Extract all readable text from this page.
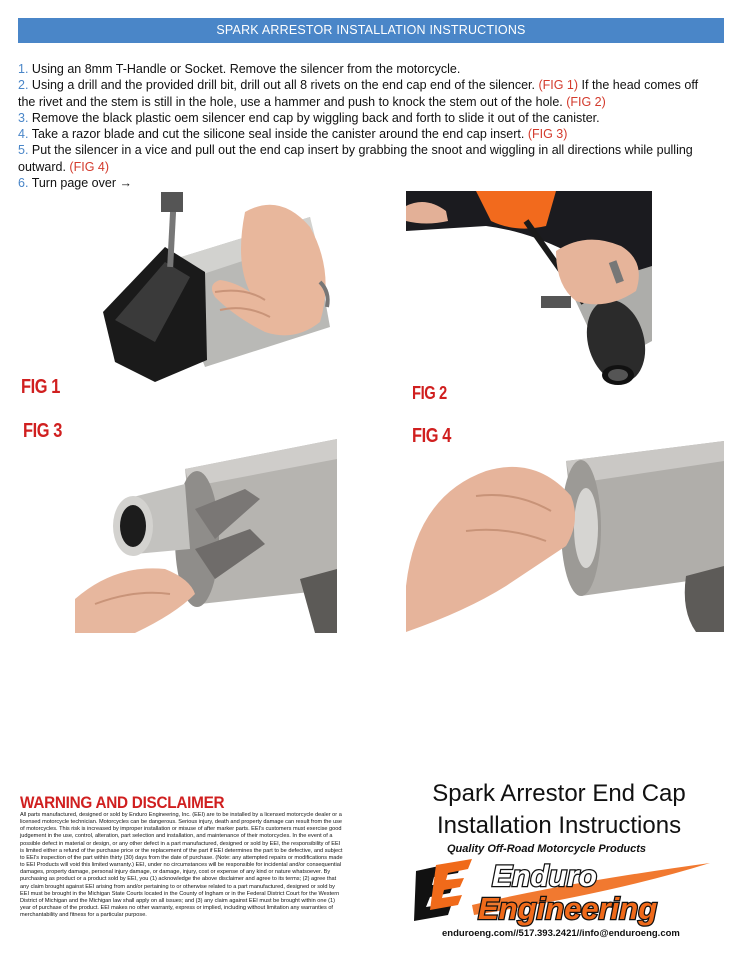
SPARK ARRESTOR INSTALLATION INSTRUCTIONS
1. Using an 8mm T-Handle or Socket. Remove the silencer from the motorcycle.
2. Using a drill and the provided drill bit, drill out all 8 rivets on the end cap end of the silencer. (FIG 1) If the head comes off the rivet and the stem is still in the hole, use a hammer and push to knock the stem out of the hole. (FIG 2)
3. Remove the black plastic oem silencer end cap by wiggling back and forth to slide it out of the canister.
4. Take a razor blade and cut the silicone seal inside the canister around the end cap insert. (FIG 3)
5. Put the silencer in a vice and pull out the end cap insert by grabbing the snoot and wiggling in all directions while pulling outward. (FIG 4)
6. Turn page over →
FIG 1	FIG 2
FIG 3	FIG 4
WARNING AND DISCLAIMER
All parts manufactured, designed or sold by Enduro Engineering, Inc. (EEI) are to be installed by a licensed motorcycle dealer or a licensed motorcycle technician. Motorcycles can be dangerous. Serious injury, death and property damage can result from the use of motorcycles. This risk is increased by improper installation or misuse of after marker parts. EEI's customers must exercise good judgement in the use, control, alteration, part selection and installation, and maintenance of their motorcycles. In the event of a possible defect in material or design, or any other defect in a part manufactured, designed or sold by EEI, the responsibility of EEI is limited either a refund of the purchase price or the replacement of the part if EEI determines the part to be defective, and subject to EEI's inspection of the part within thirty (30) days from the date of purchase. (Note: any attempted repairs or modifications made to EEI Products will void this limited warranty.) EEI, under no circumstances will be responsible for incidental and/or consequential damages, property damage, personal injury damage, or damage, injury, cost or expense of any kind or nature whatsoever. By purchasing as product or a product sold by EEI, you (1) acknowledge the above disclaimer and agree to its terms; (2) agree that any claim brought against EEI arising from and/or pertaining to or otherwise related to a part manufactured, designed or sold by EEI must be brought in the Michigan State Courts located in the County of Ingham or in the Federal District Court for the Western District of Michigan and the Michigan law shall apply on all issues; and (3) any claim against EEI must be brought within one (1) year of purchase of the product. EEI makes no other warranty, express or implied, including without limitation any warranties of merchantability and fitness for a particular purpose.
Spark Arrestor End Cap
Installation Instructions
Quality Off-Road Motorcycle Products
Enduro
Engineering
enduroeng.com//517.393.2421//info@enduroeng.com
